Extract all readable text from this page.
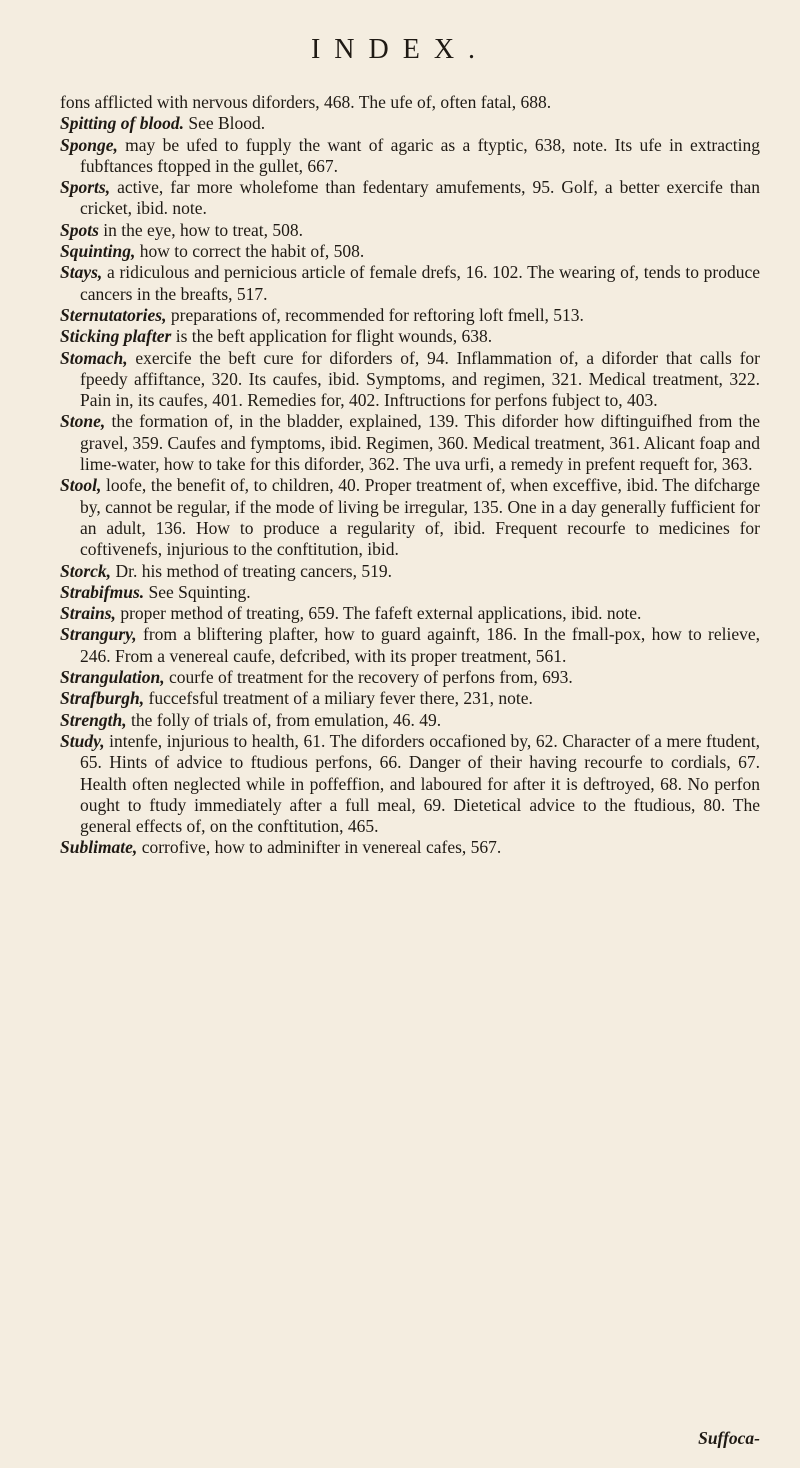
INDEX.

fons afflicted with nervous diforders, 468. The ufe of, often fatal, 688.

Spitting of blood. See Blood.

Sponge, may be ufed to fupply the want of agaric as a ftyptic, 638, note. Its ufe in extracting fubftances ftopped in the gullet, 667.

Sports, active, far more wholefome than fedentary amufements, 95. Golf, a better exercife than cricket, ibid. note.

Spots in the eye, how to treat, 508.

Squinting, how to correct the habit of, 508.

Stays, a ridiculous and pernicious article of female drefs, 16. 102. The wearing of, tends to produce cancers in the breafts, 517.

Sternutatories, preparations of, recommended for reftoring loft fmell, 513.

Sticking plafter is the beft application for flight wounds, 638.

Stomach, exercife the beft cure for diforders of, 94. Inflammation of, a diforder that calls for fpeedy affiftance, 320. Its caufes, ibid. Symptoms, and regimen, 321. Medical treatment, 322. Pain in, its caufes, 401. Remedies for, 402. Inftructions for perfons fubject to, 403.

Stone, the formation of, in the bladder, explained, 139. This diforder how diftinguifhed from the gravel, 359. Caufes and fymptoms, ibid. Regimen, 360. Medical treatment, 361. Alicant foap and lime-water, how to take for this diforder, 362. The uva urfi, a remedy in prefent requeft for, 363.

Stool, loofe, the benefit of, to children, 40. Proper treatment of, when exceffive, ibid. The difcharge by, cannot be regular, if the mode of living be irregular, 135. One in a day generally fufficient for an adult, 136. How to produce a regularity of, ibid. Frequent recourfe to medicines for coftivenefs, injurious to the conftitution, ibid.

Storck, Dr. his method of treating cancers, 519.

Strabifmus. See Squinting.

Strains, proper method of treating, 659. The fafeft external applications, ibid. note.

Strangury, from a bliftering plafter, how to guard againft, 186. In the fmall-pox, how to relieve, 246. From a venereal caufe, defcribed, with its proper treatment, 561.

Strangulation, courfe of treatment for the recovery of perfons from, 693.

Strafburgh, fuccefsful treatment of a miliary fever there, 231, note.

Strength, the folly of trials of, from emulation, 46. 49.

Study, intenfe, injurious to health, 61. The diforders occafioned by, 62. Character of a mere ftudent, 65. Hints of advice to ftudious perfons, 66. Danger of their having recourfe to cordials, 67. Health often neglected while in poffeffion, and laboured for after it is deftroyed, 68. No perfon ought to ftudy immediately after a full meal, 69. Dietetical advice to the ftudious, 80. The general effects of, on the conftitution, 465.

Sublimate, corrofive, how to adminifter in venereal cafes, 567.

Suffoca-
